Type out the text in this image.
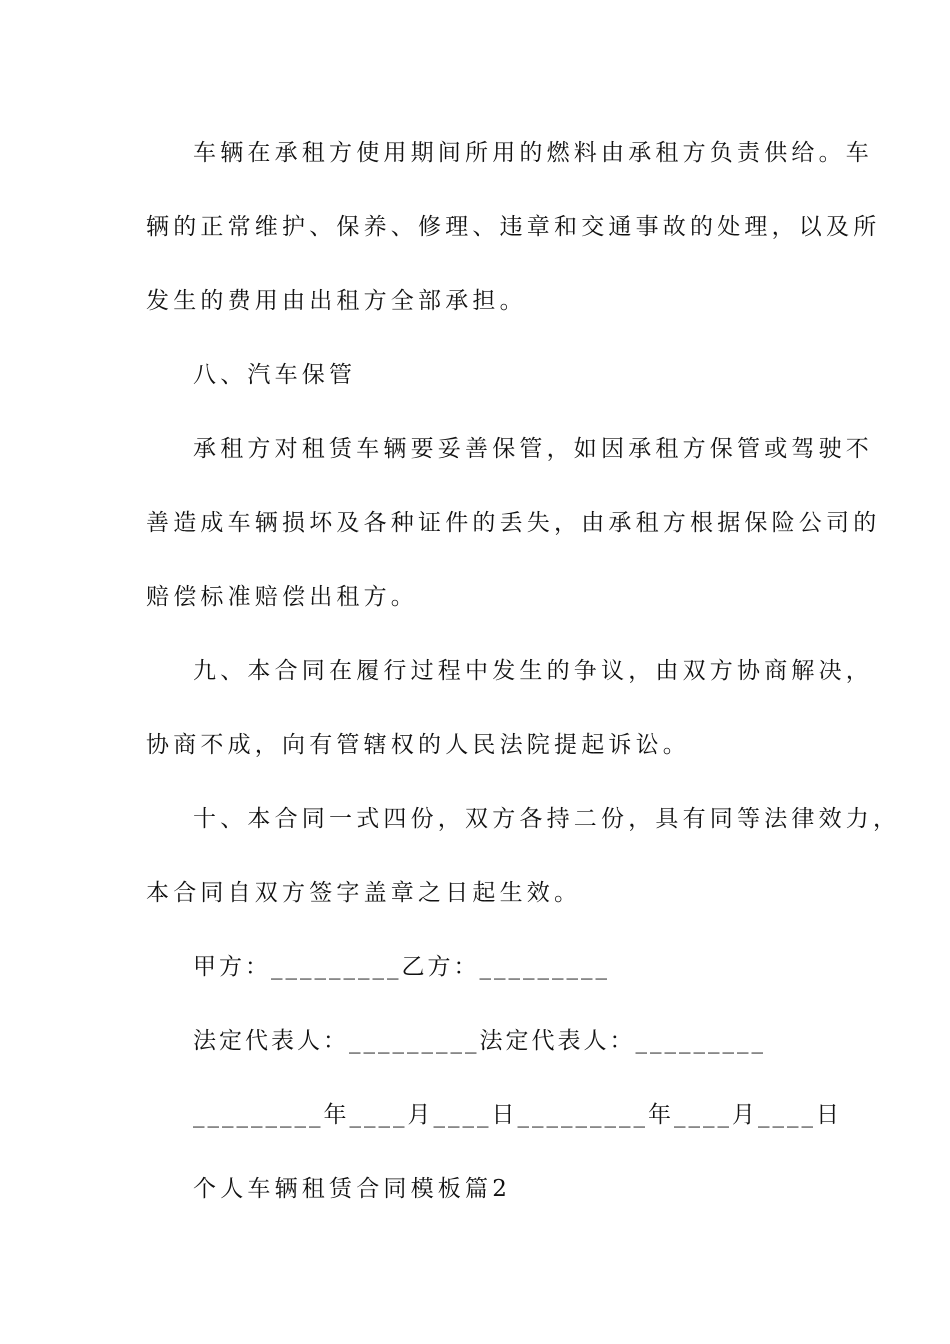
车辆在承租方使用期间所用的燃料由承租方负责供给。车
辆的正常维护、保养、修理、违章和交通事故的处理，以及所
发生的费用由出租方全部承担。
八、汽车保管
承租方对租赁车辆要妥善保管，如因承租方保管或驾驶不
善造成车辆损坏及各种证件的丢失，由承租方根据保险公司的
赔偿标准赔偿出租方。
九、本合同在履行过程中发生的争议，由双方协商解决，
协商不成，向有管辖权的人民法院提起诉讼。
十、本合同一式四份，双方各持二份，具有同等法律效力，
本合同自双方签字盖章之日起生效。
甲方：_________乙方：_________
法定代表人：_________法定代表人：_________
_________年____月____日_________年____月____日
个人车辆租赁合同模板篇2
